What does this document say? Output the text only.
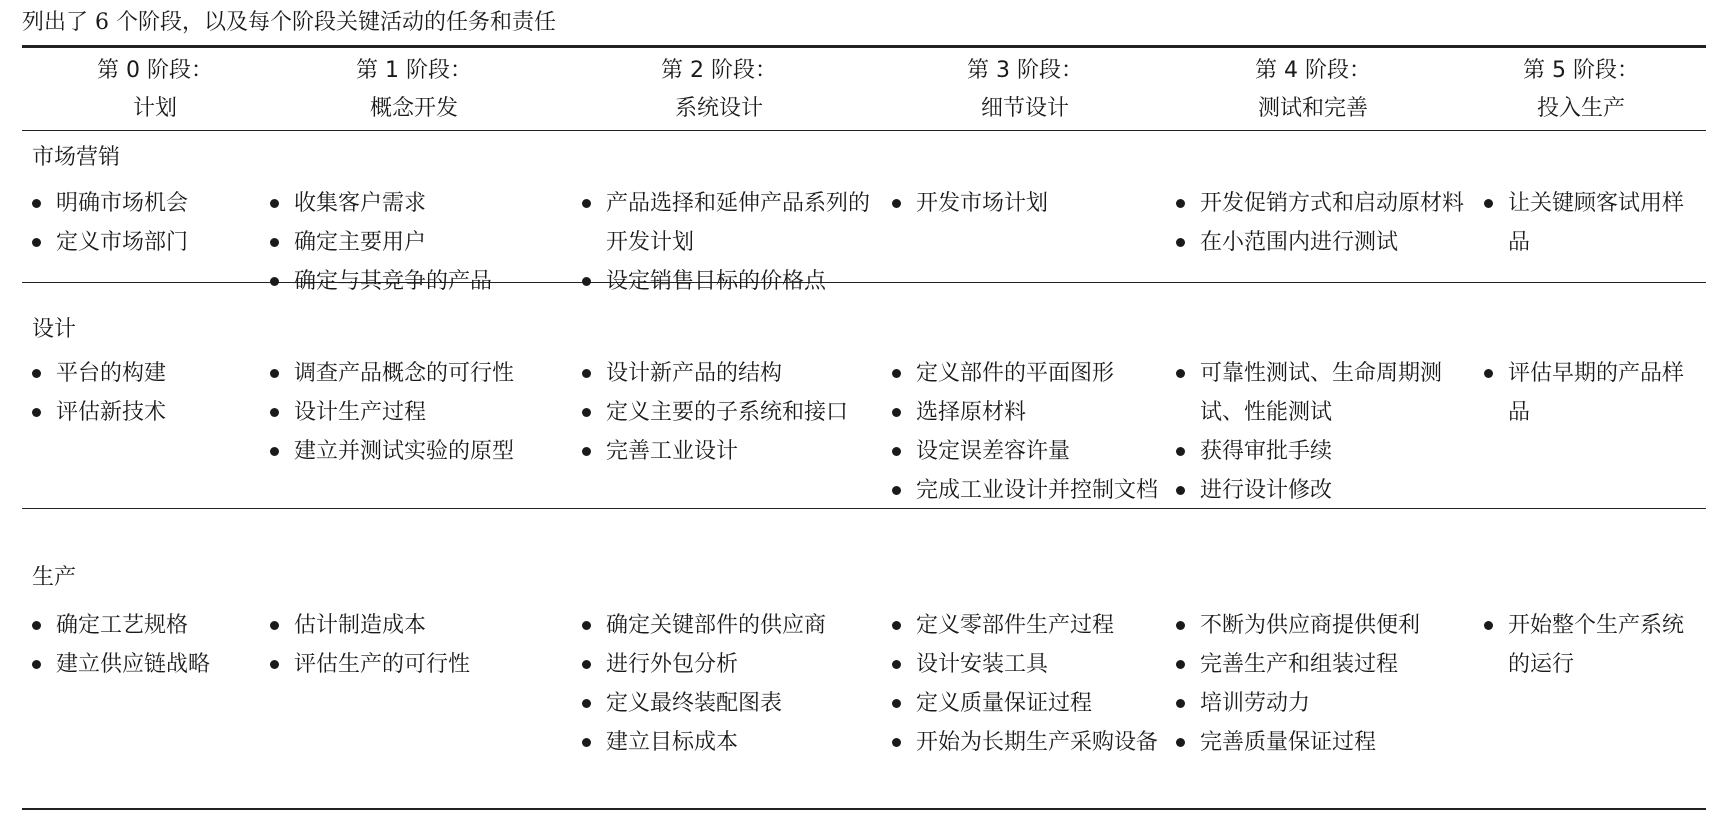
列出了 6 个阶段，以及每个阶段关键活动的任务和责任
第 0 阶段：
计划
第 1 阶段：
概念开发
第 2 阶段：
系统设计
第 3 阶段：
细节设计
第 4 阶段：
测试和完善
第 5 阶段：
投入生产
市场营销
设计
生产
明确市场机会
定义市场部门
收集客户需求
确定主要用户
确定与其竞争的产品
产品选择和延伸产品系列的开发计划
设定销售目标的价格点
开发市场计划	开发促销方式和启动原材料
在小范围内进行测试
让关键顾客试用样品
平台的构建
评估新技术
调查产品概念的可行性
设计生产过程
建立并测试实验的原型
设计新产品的结构
定义主要的子系统和接口
完善工业设计
定义部件的平面图形
选择原材料
设定误差容许量
完成工业设计并控制文档
可靠性测试、生命周期测试、性能测试
获得审批手续
进行设计修改
评估早期的产品样品
确定工艺规格
建立供应链战略
估计制造成本
评估生产的可行性
确定关键部件的供应商
进行外包分析
定义最终装配图表
建立目标成本
定义零部件生产过程
设计安装工具
定义质量保证过程
开始为长期生产采购设备
不断为供应商提供便利
完善生产和组装过程
培训劳动力
完善质量保证过程
开始整个生产系统的运行
